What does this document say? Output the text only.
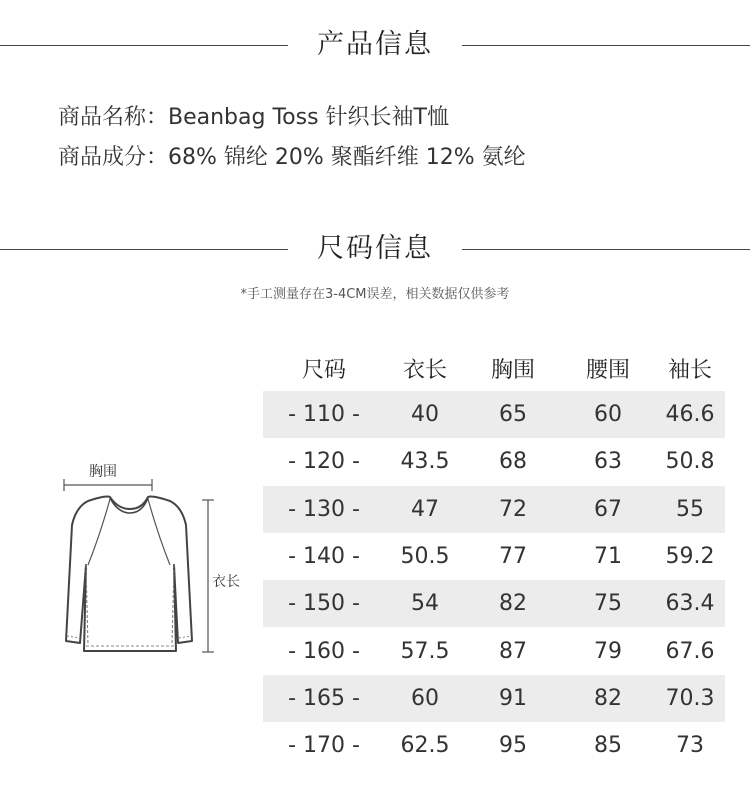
产品信息
商品名称：Beanbag Toss 针织长袖T恤
商品成分：68% 锦纶 20% 聚酯纤维 12% 氨纶
尺码信息
*手工测量存在3-4CM误差，相关数据仅供参考
胸围
衣长
尺码	衣长	胸围	腰围	袖长
- 110 -	40	65	60	46.6
- 120 -	43.5	68	63	50.8
- 130 -	47	72	67	55
- 140 -	50.5	77	71	59.2
- 150 -	54	82	75	63.4
- 160 -	57.5	87	79	67.6
- 165 -	60	91	82	70.3
- 170 -	62.5	95	85	73
